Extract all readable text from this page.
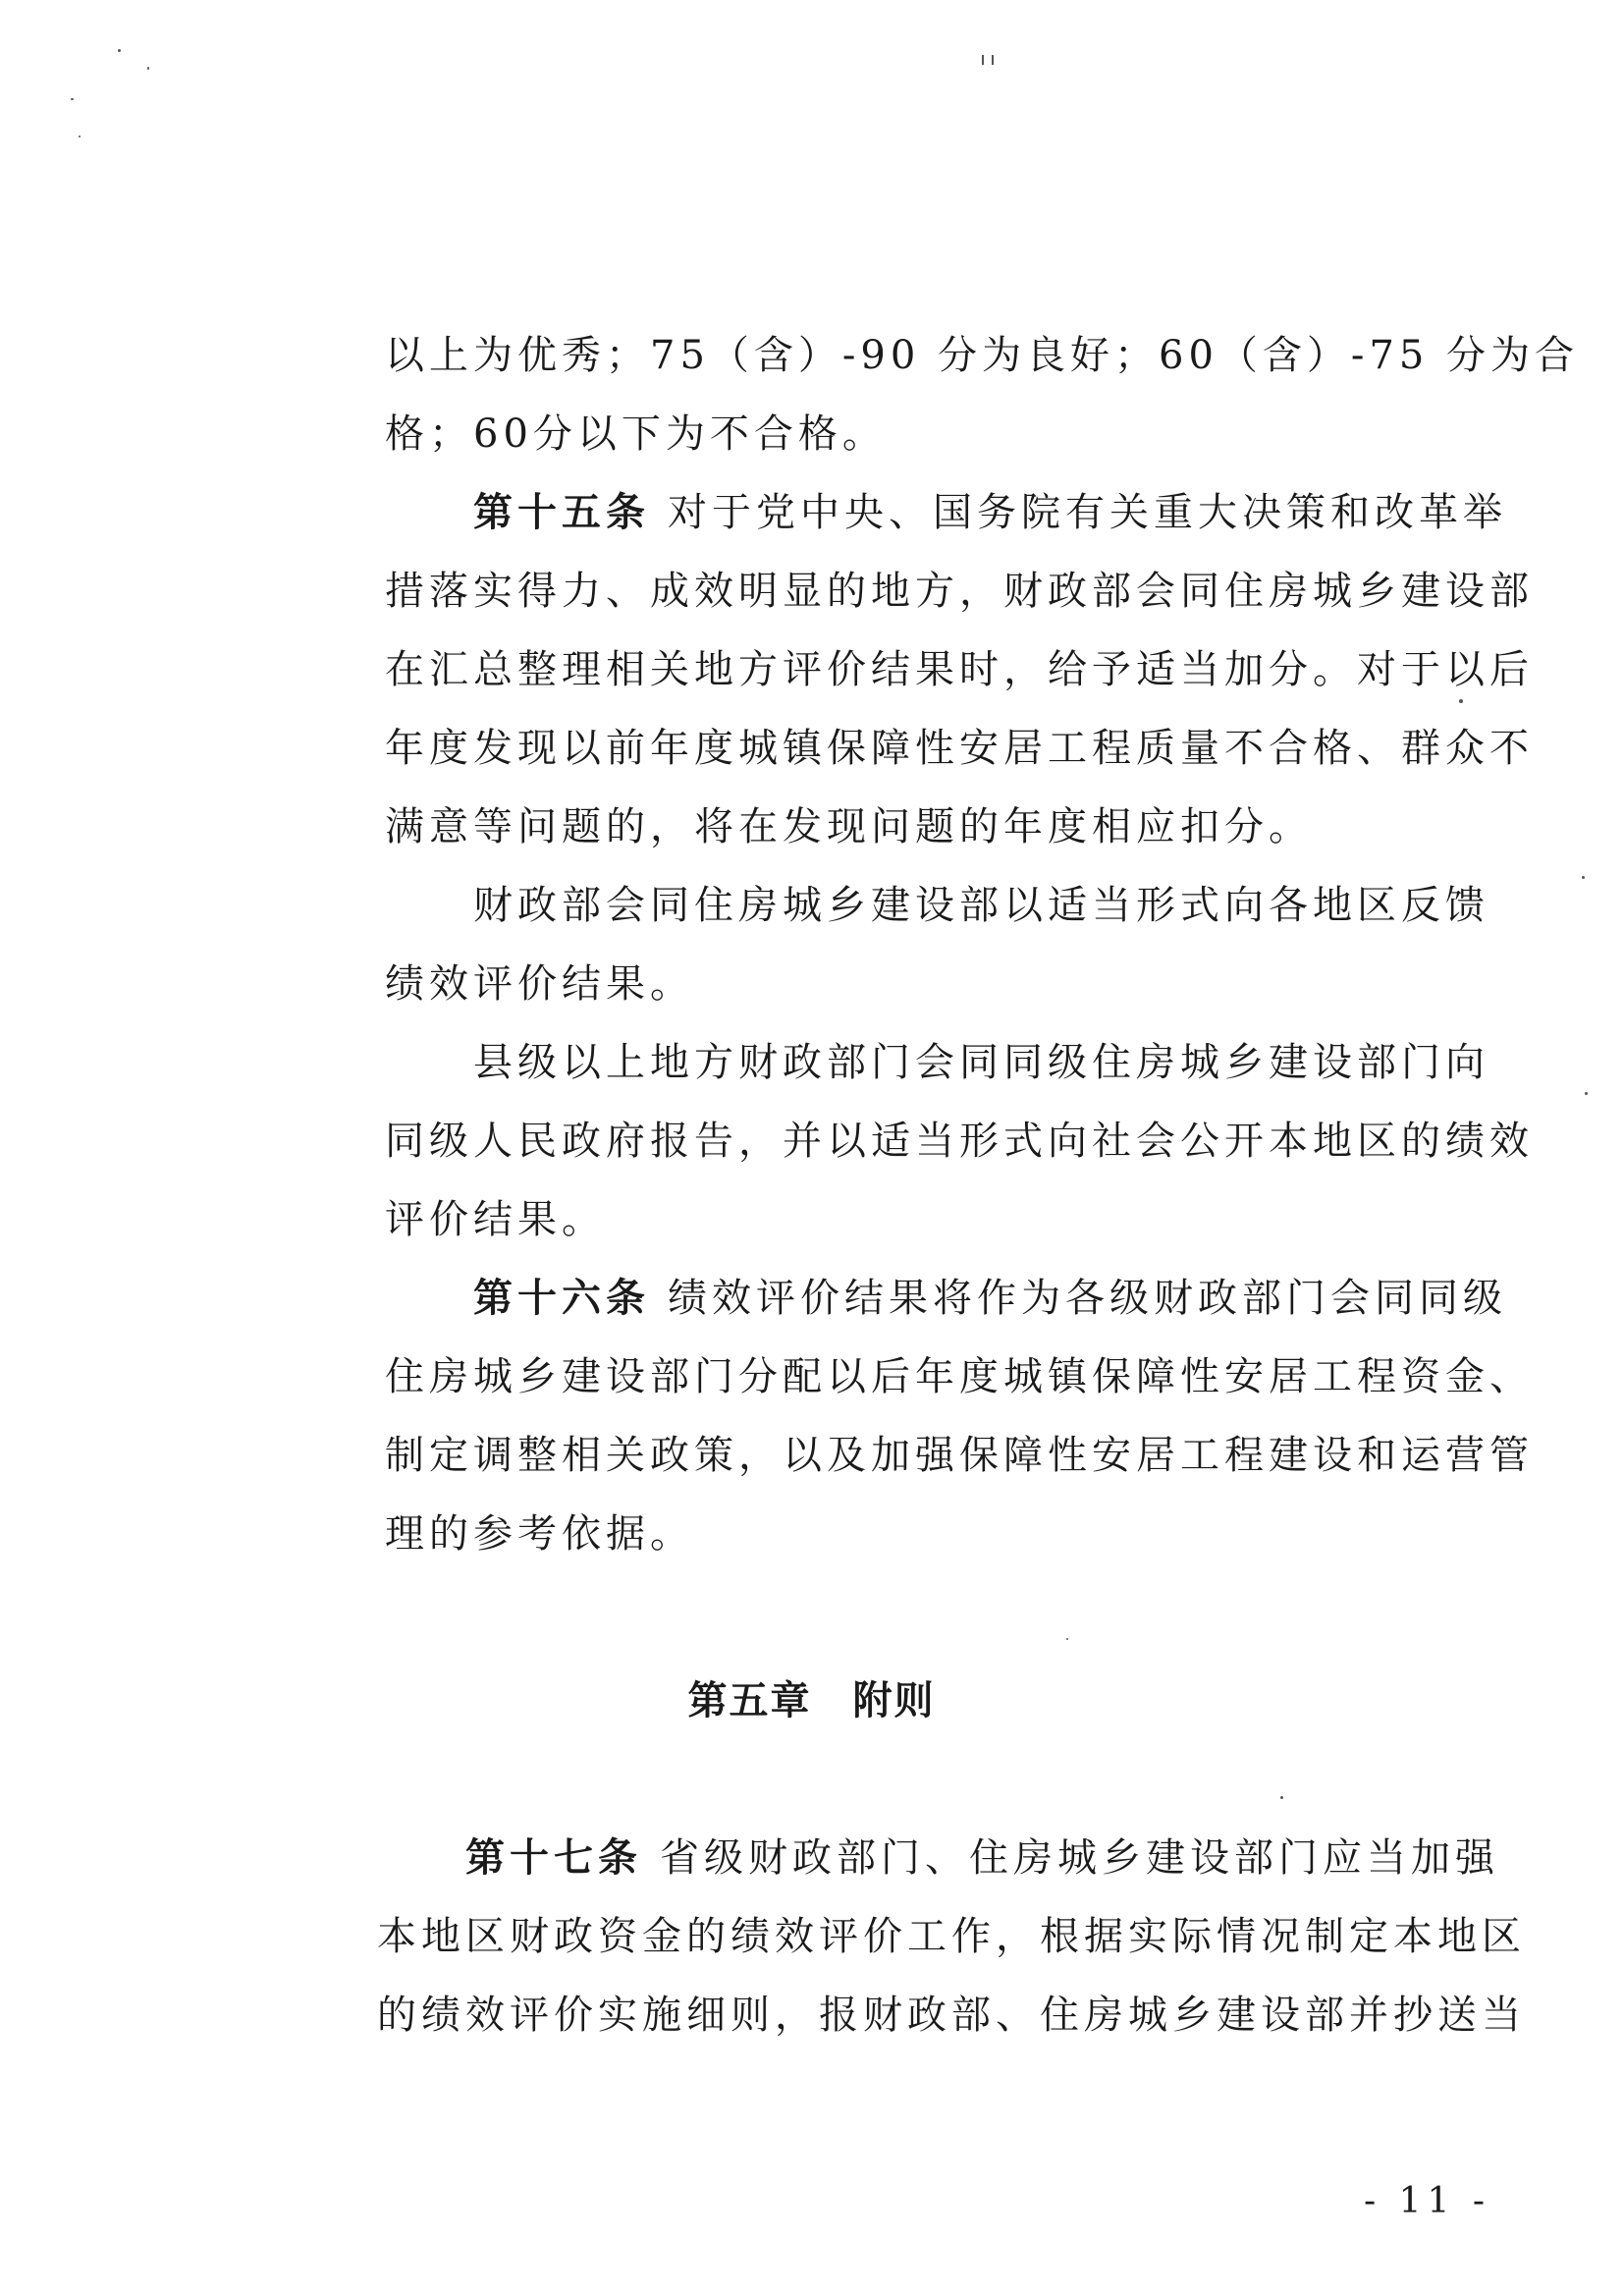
以上为优秀；75（含）-90 分为良好；60（含）-75 分为合
格；60分以下为不合格。
第十五条 对于党中央、国务院有关重大决策和改革举
措落实得力、成效明显的地方，财政部会同住房城乡建设部
在汇总整理相关地方评价结果时，给予适当加分。对于以后
年度发现以前年度城镇保障性安居工程质量不合格、群众不
满意等问题的，将在发现问题的年度相应扣分。
财政部会同住房城乡建设部以适当形式向各地区反馈
绩效评价结果。
县级以上地方财政部门会同同级住房城乡建设部门向
同级人民政府报告，并以适当形式向社会公开本地区的绩效
评价结果。
第十六条 绩效评价结果将作为各级财政部门会同同级
住房城乡建设部门分配以后年度城镇保障性安居工程资金、
制定调整相关政策，以及加强保障性安居工程建设和运营管
理的参考依据。
第五章　附则
第十七条 省级财政部门、住房城乡建设部门应当加强
本地区财政资金的绩效评价工作，根据实际情况制定本地区
的绩效评价实施细则，报财政部、住房城乡建设部并抄送当
- 11 -
